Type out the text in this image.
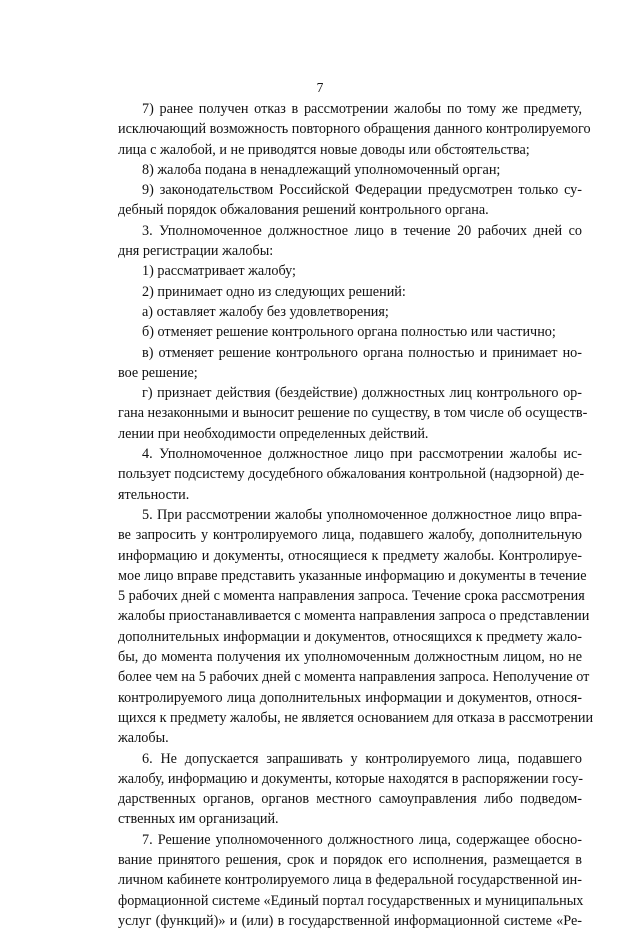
7
7) ранее получен отказ в рассмотрении жалобы по тому же предмету,
исключающий возможность повторного обращения данного контролируемого
лица с жалобой, и не приводятся новые доводы или обстоятельства;
8) жалоба подана в ненадлежащий уполномоченный орган;
9) законодательством Российской Федерации предусмотрен только су-
дебный порядок обжалования решений контрольного органа.
3. Уполномоченное должностное лицо в течение 20 рабочих дней со
дня регистрации жалобы:
1) рассматривает жалобу;
2) принимает одно из следующих решений:
а) оставляет жалобу без удовлетворения;
б) отменяет решение контрольного органа полностью или частично;
в) отменяет решение контрольного органа полностью и принимает но-
вое решение;
г) признает действия (бездействие) должностных лиц контрольного ор-
гана незаконными и выносит решение по существу, в том числе об осуществ-
лении при необходимости определенных действий.
4. Уполномоченное должностное лицо при рассмотрении жалобы ис-
пользует подсистему досудебного обжалования контрольной (надзорной) де-
ятельности.
5. При рассмотрении жалобы уполномоченное должностное лицо впра-
ве запросить у контролируемого лица, подавшего жалобу, дополнительную
информацию и документы, относящиеся к предмету жалобы. Контролируе-
мое лицо вправе представить указанные информацию и документы в течение
5 рабочих дней с момента направления запроса. Течение срока рассмотрения
жалобы приостанавливается с момента направления запроса о представлении
дополнительных информации и документов, относящихся к предмету жало-
бы, до момента получения их уполномоченным должностным лицом, но не
более чем на 5 рабочих дней с момента направления запроса. Неполучение от
контролируемого лица дополнительных информации и документов, относя-
щихся к предмету жалобы, не является основанием для отказа в рассмотрении
жалобы.
6. Не допускается запрашивать у контролируемого лица, подавшего
жалобу, информацию и документы, которые находятся в распоряжении госу-
дарственных органов, органов местного самоуправления либо подведом-
ственных им организаций.
7. Решение уполномоченного должностного лица, содержащее обосно-
вание принятого решения, срок и порядок его исполнения, размещается в
личном кабинете контролируемого лица в федеральной государственной ин-
формационной системе «Единый портал государственных и муниципальных
услуг (функций)» и (или) в государственной информационной системе «Ре-
